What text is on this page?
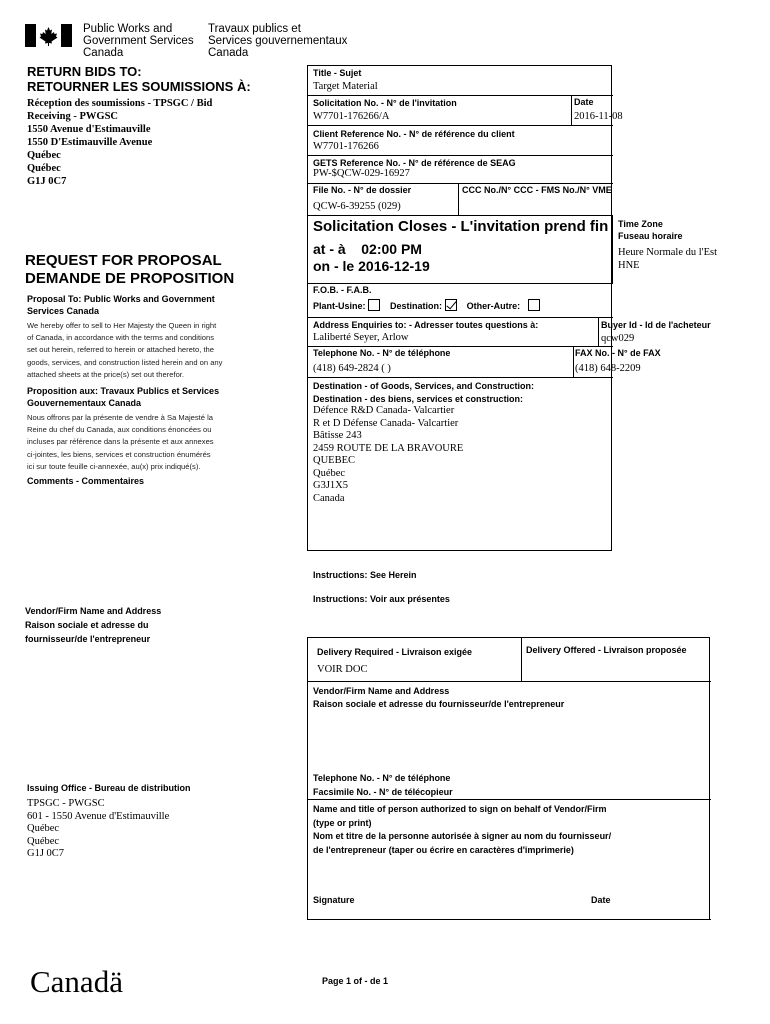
Public Works and
Government Services
Canada
Travaux publics et
Services gouvernementaux
Canada
RETURN BIDS TO:
RETOURNER LES SOUMISSIONS À:
Réception des soumissions - TPSGC / Bid
Receiving - PWGSC
1550 Avenue d'Estimauville
1550 D'Estimauville Avenue
Québec
Québec
G1J 0C7
REQUEST FOR PROPOSAL
DEMANDE DE PROPOSITION
Proposal To: Public Works and Government
Services Canada
We hereby offer to sell to Her Majesty the Queen in right
of Canada, in accordance with the terms and conditions
set out herein, referred to herein or attached hereto, the
goods, services, and construction listed herein and on any
attached sheets at the price(s) set out therefor.
Proposition aux: Travaux Publics et Services
Gouvernementaux Canada
Nous offrons par la présente de vendre à Sa Majesté la
Reine du chef du Canada, aux conditions énoncées ou
incluses par référence dans la présente et aux annexes
ci-jointes, les biens, services et construction énumérés
ici sur toute feuille ci-annexée, au(x) prix indiqué(s).
Comments - Commentaires
Vendor/Firm Name and Address
Raison sociale et adresse du
fournisseur/de l'entrepreneur
Issuing Office - Bureau de distribution
TPSGC - PWGSC
601 - 1550 Avenue d'Estimauville
Québec
Québec
G1J 0C7
Title - Sujet
Target Material
Solicitation No. - N° de l'invitation
W7701-176266/A
Date
2016-11-08
Client Reference No. - N° de référence du client
W7701-176266
GETS Reference No. - N° de référence de SEAG
PW-$QCW-029-16927
File No. - N° de dossier
QCW-6-39255 (029)
CCC No./N° CCC - FMS No./N° VME
Solicitation Closes - L'invitation prend fin
at - à 02:00 PM
on - le 2016-12-19
Time Zone
Fuseau horaire
Heure Normale du l'Est
HNE
F.O.B. - F.A.B.
Plant-Usine:	Destination:	Other-Autre:
Address Enquiries to: - Adresser toutes questions à:
Laliberté Seyer, Arlow
Buyer Id - Id de l'acheteur
qcw029
Telephone No. - N° de téléphone
(418) 649-2824 ( )
FAX No. - N° de FAX
(418) 648-2209
Destination - of Goods, Services, and Construction:
Destination - des biens, services et construction:
Défence R&D Canada- Valcartier
R et D Défense Canada- Valcartier
Bâtisse 243
2459 ROUTE DE LA BRAVOURE
QUEBEC
Québec
G3J1X5
Canada
Instructions: See Herein
Instructions: Voir aux présentes
Delivery Required - Livraison exigée
VOIR DOC
Delivery Offered - Livraison proposée
Vendor/Firm Name and Address
Raison sociale et adresse du fournisseur/de l'entrepreneur
Telephone No. - N° de téléphone
Facsimile No. - N° de télécopieur
Name and title of person authorized to sign on behalf of Vendor/Firm
(type or print)
Nom et titre de la personne autorisée à signer au nom du fournisseur/
de l'entrepreneur (taper ou écrire en caractères d'imprimerie)
Signature	Date
Canadä	Page 1 of - de 1
